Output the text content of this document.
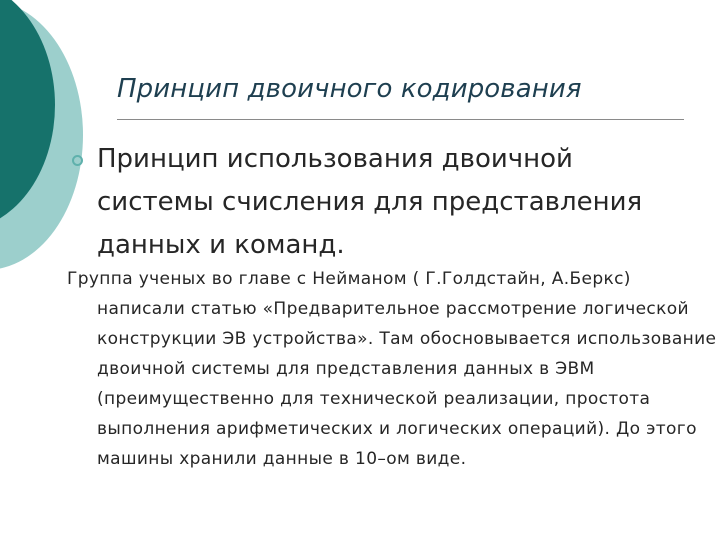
Принцип двоичного кодирования
Принцип использования двоичной системы счисления для представления данных и команд.
Группа ученых во главе с Нейманом ( Г.Голдстайн, А.Беркс) написали статью «Предварительное рассмотрение логической конструкции ЭВ устройства». Там обосновывается использование двоичной системы для представления данных в ЭВМ (преимущественно для технической реализации, простота выполнения арифметических и логических операций). До этого машины хранили данные в 10–ом виде.
